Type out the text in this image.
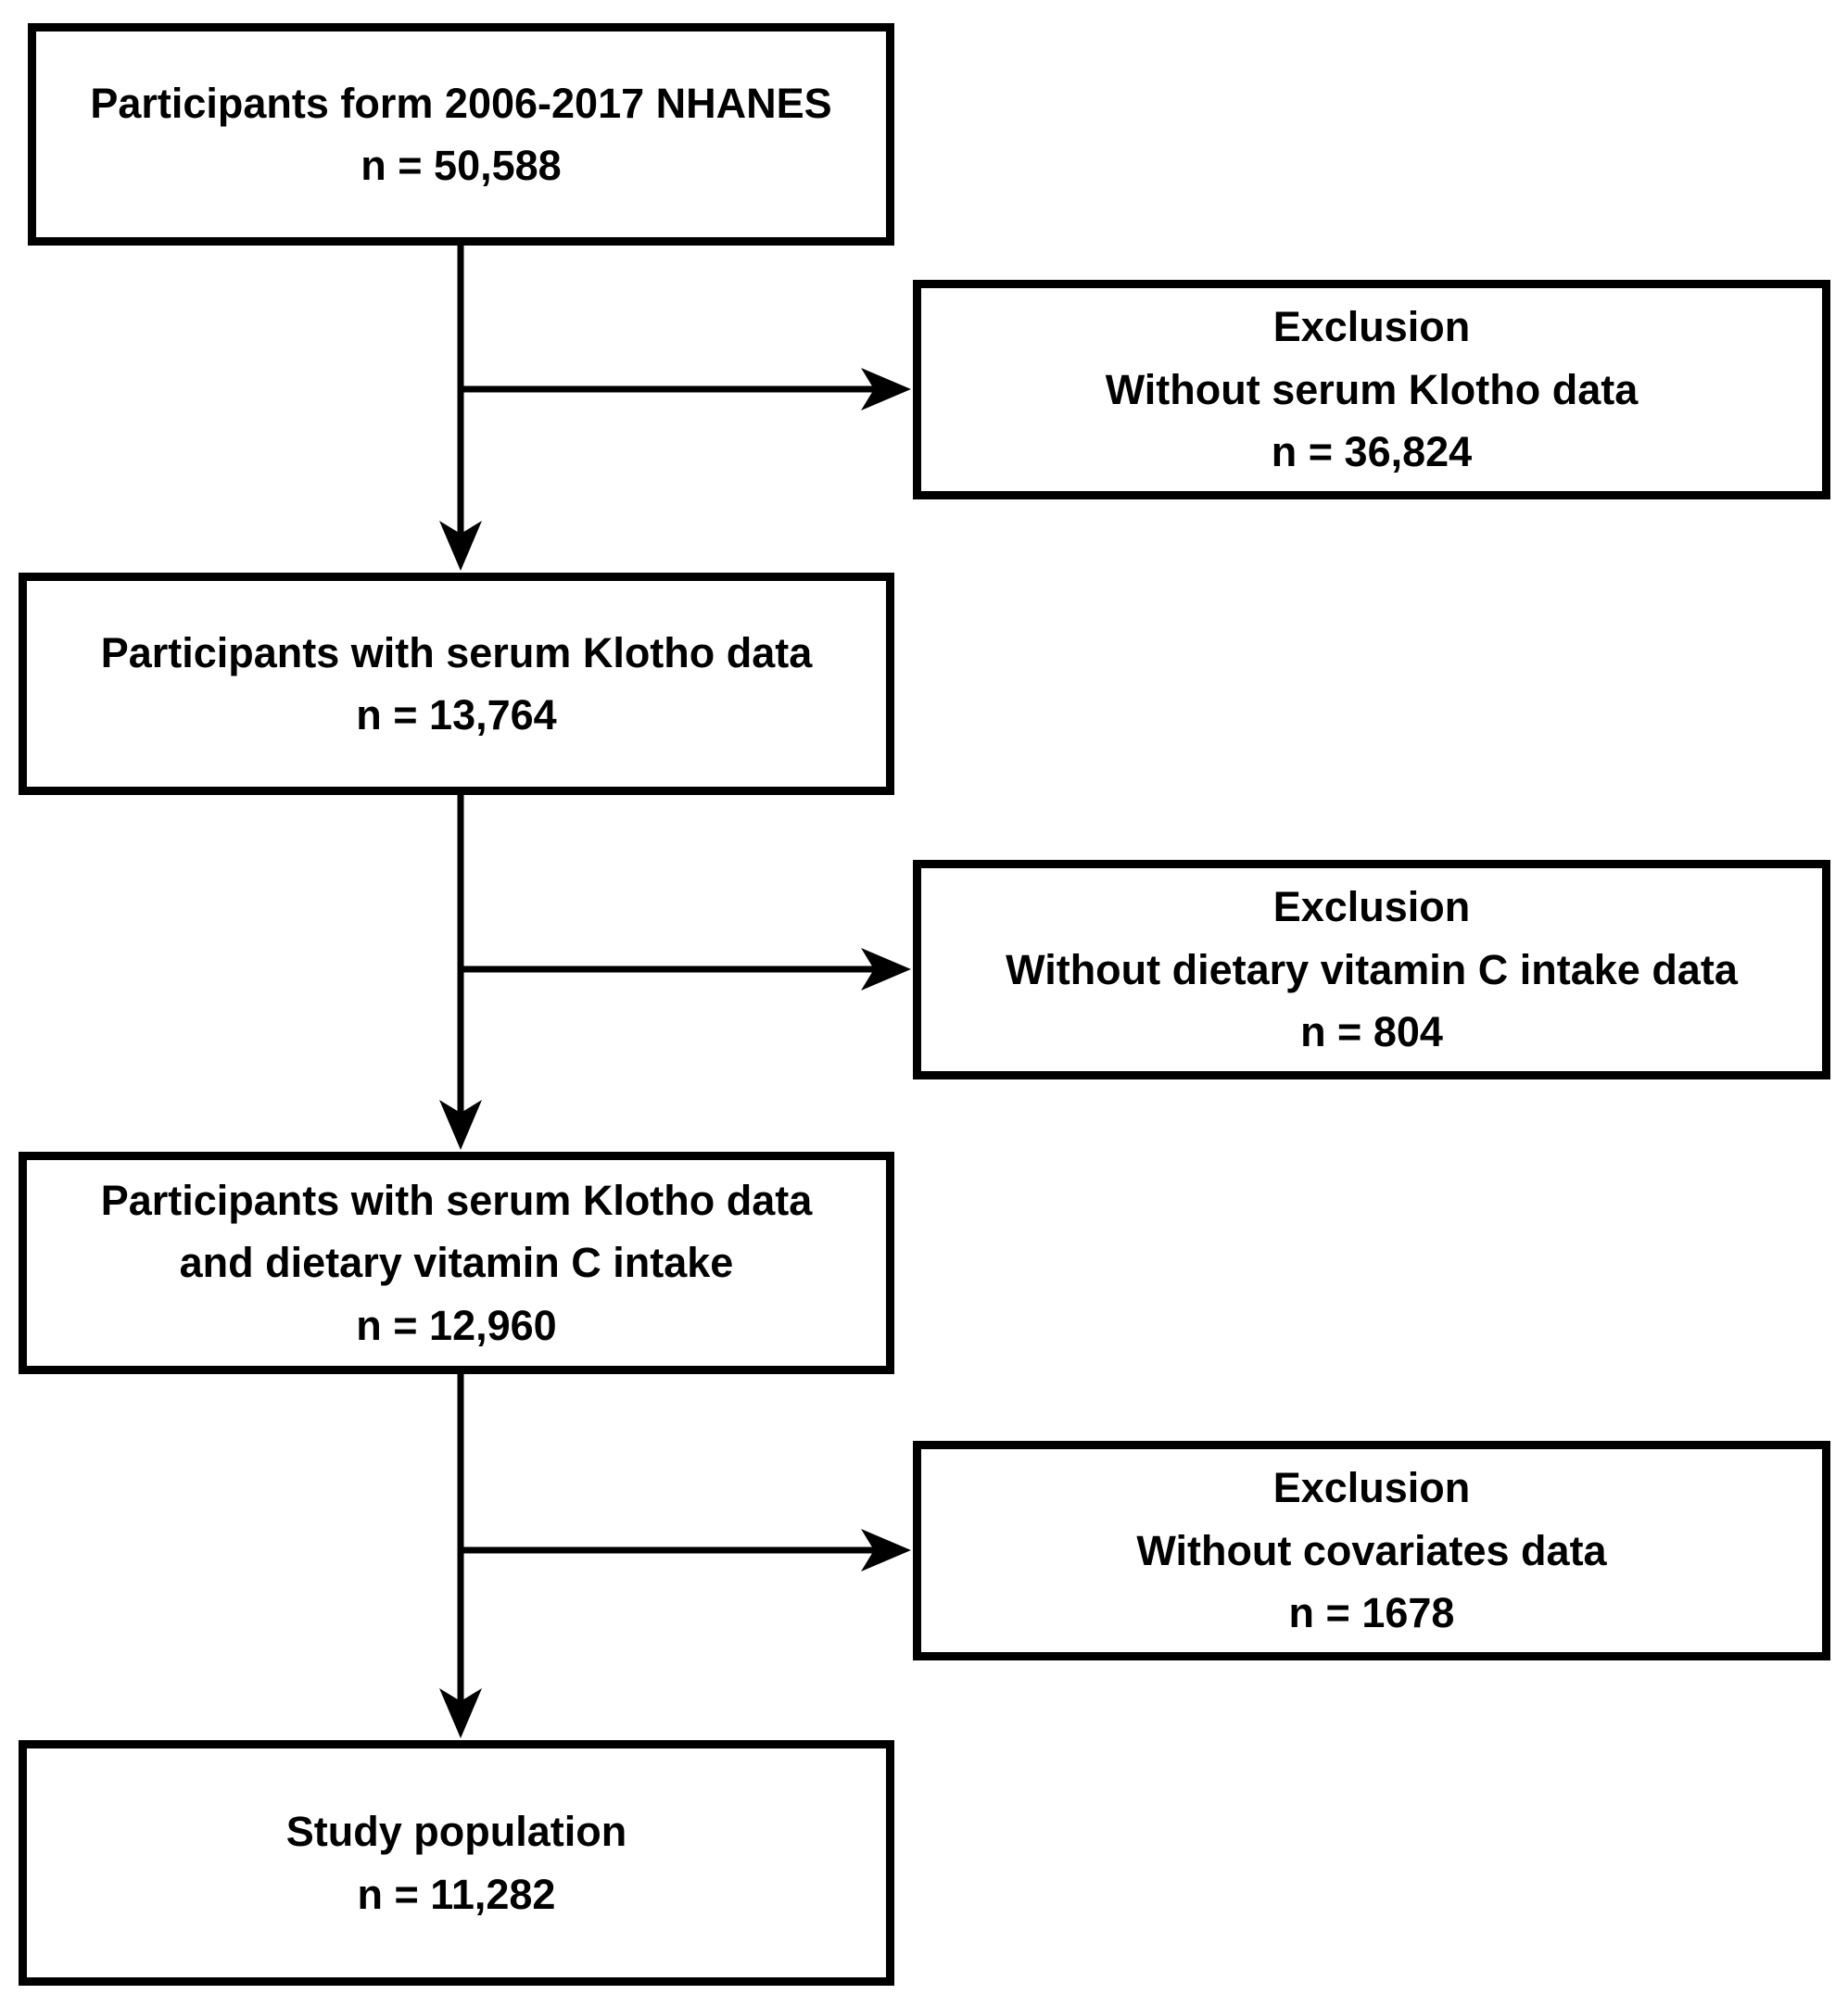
Participants form 2006-2017 NHANES
n = 50,588
Participants with serum Klotho data
n = 13,764
Participants with serum Klotho data
and dietary vitamin C intake
n = 12,960
Study population
n = 11,282
Exclusion
Without serum Klotho data
n = 36,824
Exclusion
Without dietary vitamin C intake data
n = 804
Exclusion
Without covariates data
n = 1678
